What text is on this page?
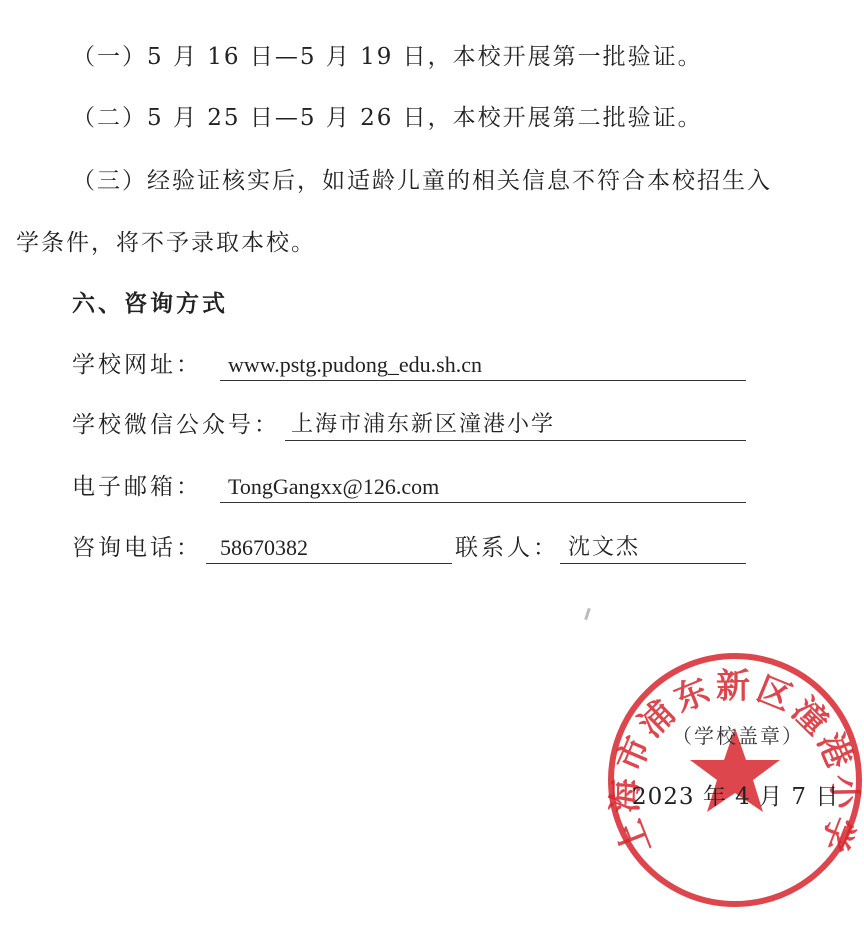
（一）5 月 16 日—5 月 19 日，本校开展第一批验证。
（二）5 月 25 日—5 月 26 日，本校开展第二批验证。
（三）经验证核实后，如适龄儿童的相关信息不符合本校招生入
学条件，将不予录取本校。
六、咨询方式
学校网址：	www.pstg.pudong_edu.sh.cn
学校微信公众号： 上海市浦东新区潼港小学
电子邮箱：	TongGangxx@126.com
咨询电话： 58670382	联系人： 沈文杰
上海市浦东新区潼港小学
（学校盖章）
2023 年 4 月 7 日
